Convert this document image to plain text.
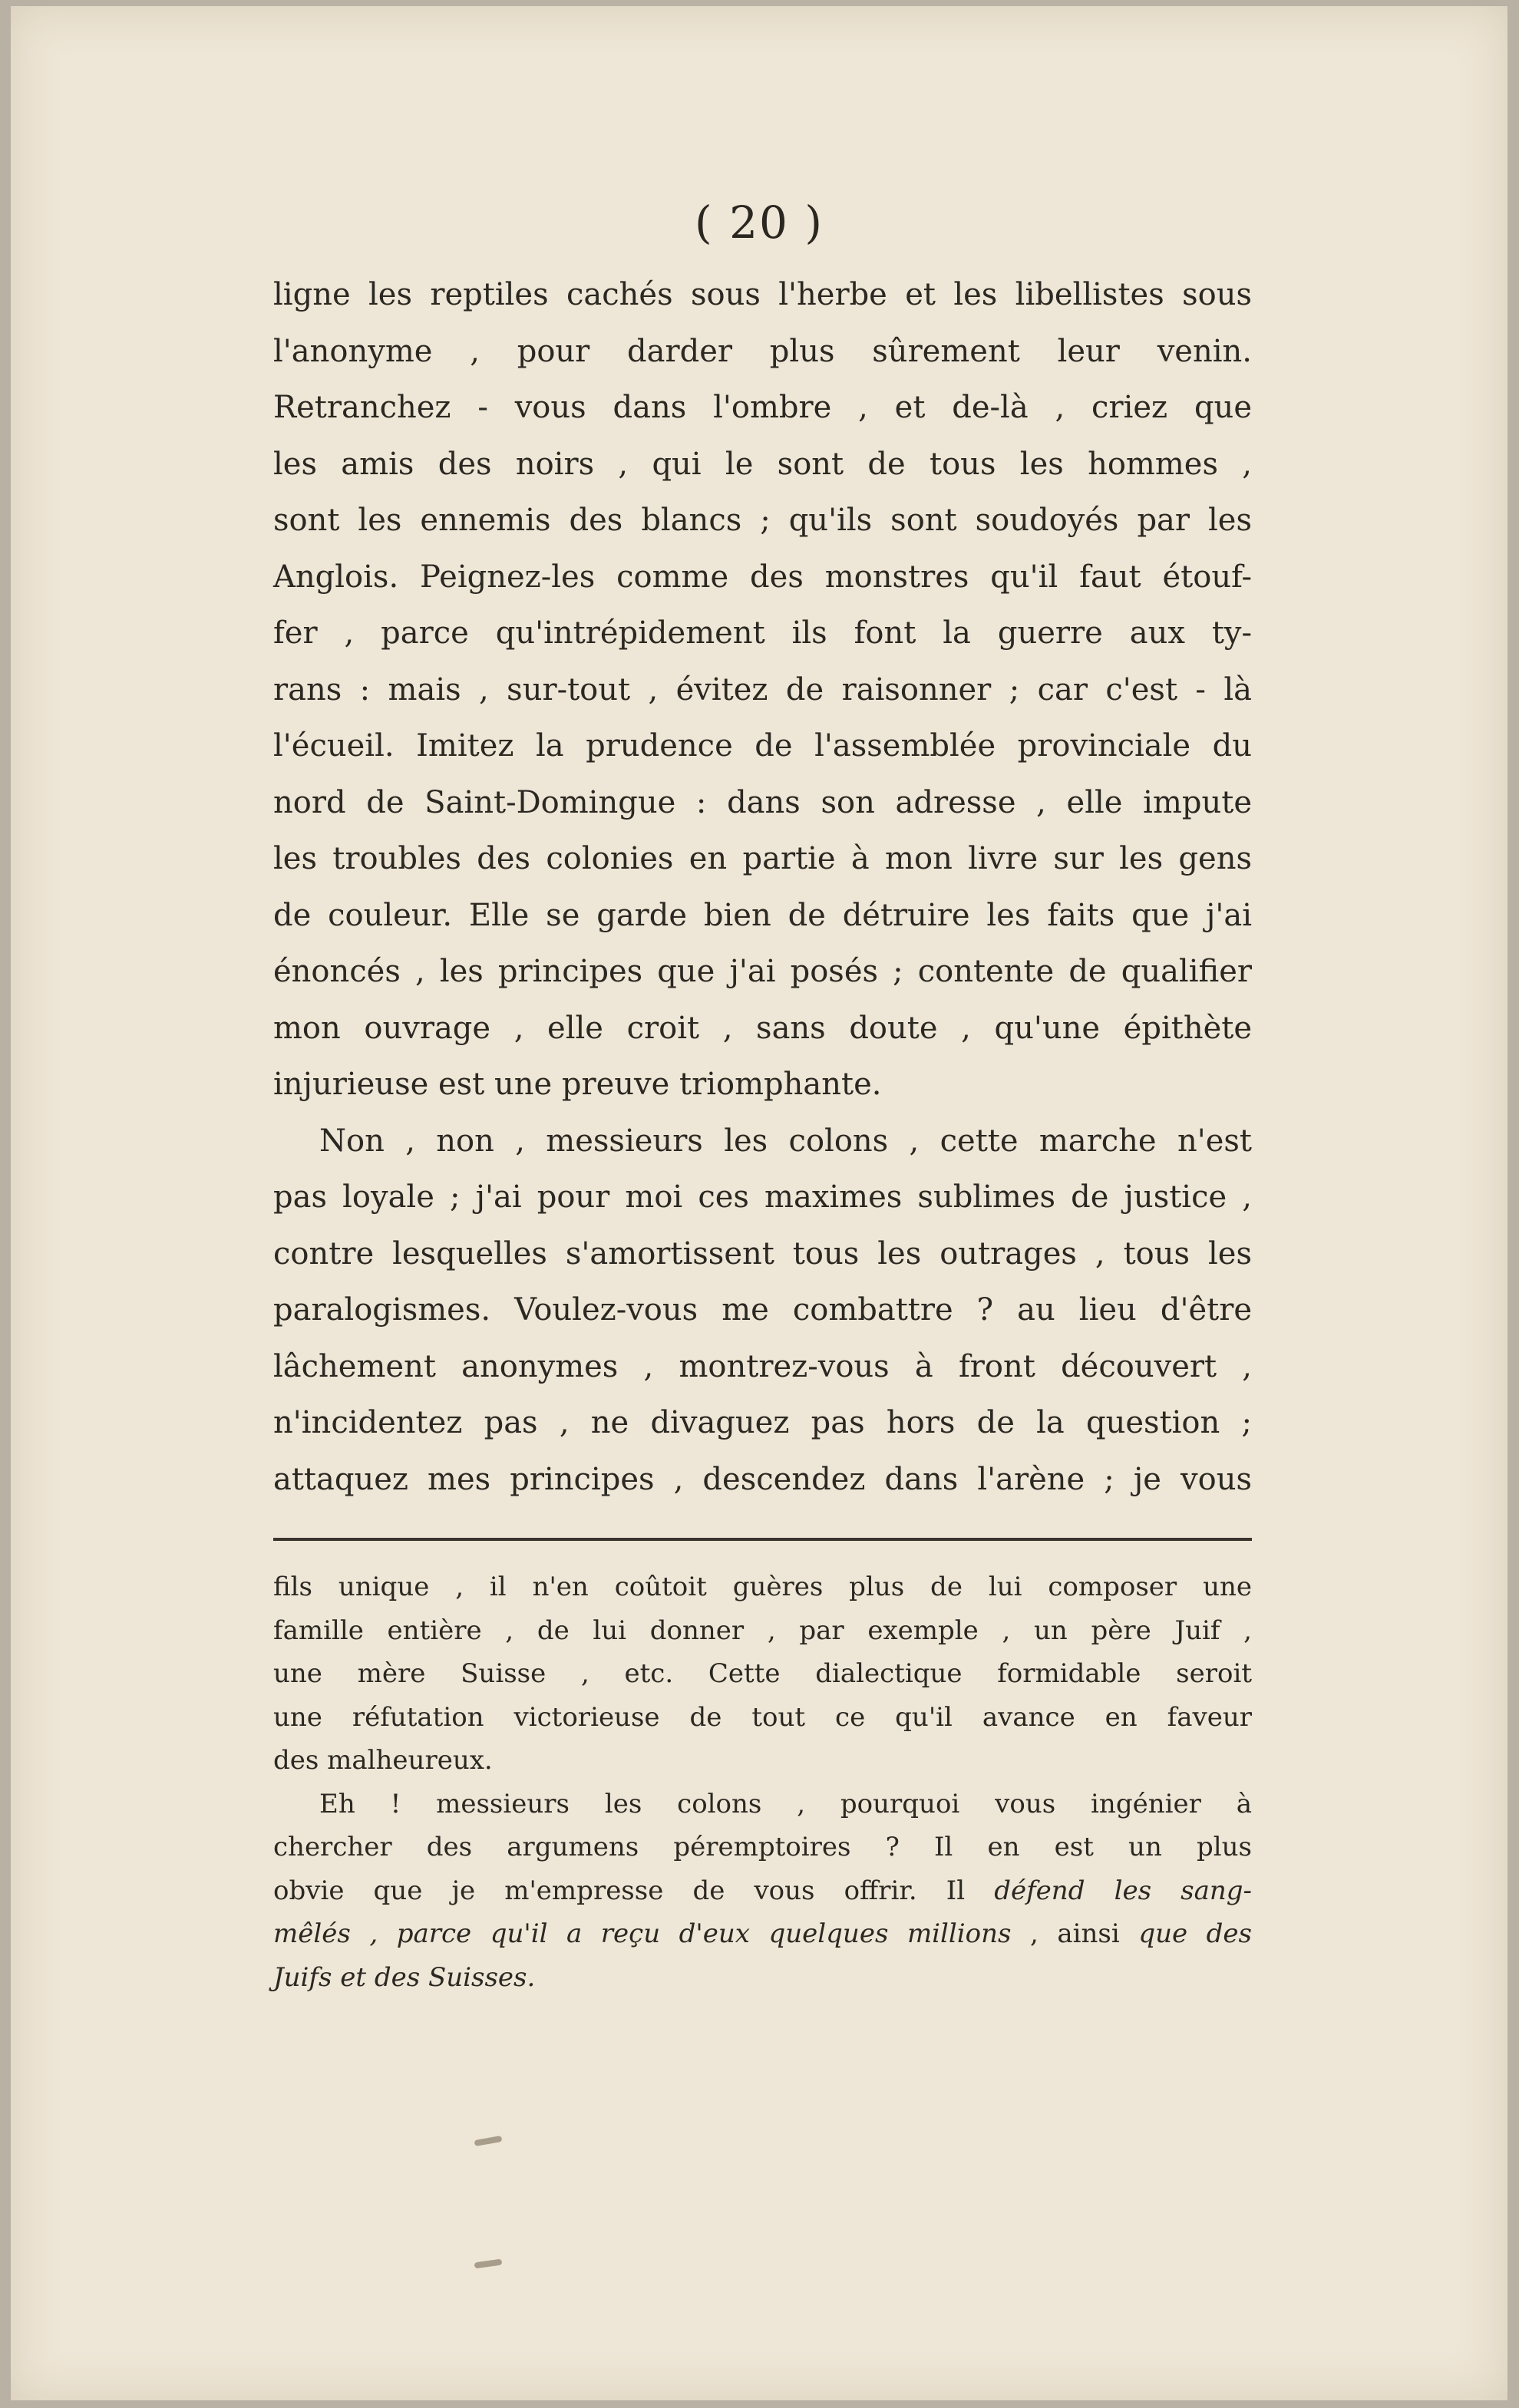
( 20 )

ligne les reptiles cachés sous l'herbe et les libellistes sous

l'anonyme , pour darder plus sûrement leur venin.

Retranchez - vous dans l'ombre , et de-là , criez que

les amis des noirs , qui le sont de tous les hommes ,

sont les ennemis des blancs ; qu'ils sont soudoyés par les

Anglois. Peignez-les comme des monstres qu'il faut étouf-

fer , parce qu'intrépidement ils font la guerre aux ty-

rans : mais , sur-tout , évitez de raisonner ; car c'est - là

l'écueil. Imitez la prudence de l'assemblée provinciale du

nord de Saint-Domingue : dans son adresse , elle impute

les troubles des colonies en partie à mon livre sur les gens

de couleur. Elle se garde bien de détruire les faits que j'ai

énoncés , les principes que j'ai posés ; contente de qualifier

mon ouvrage , elle croit , sans doute , qu'une épithète

injurieuse est une preuve triomphante.

Non , non , messieurs les colons , cette marche n'est

pas loyale ; j'ai pour moi ces maximes sublimes de justice ,

contre lesquelles s'amortissent tous les outrages , tous les

paralogismes. Voulez-vous me combattre ? au lieu d'être

lâchement anonymes , montrez-vous à front découvert ,

n'incidentez pas , ne divaguez pas hors de la question ;

attaquez mes principes , descendez dans l'arène ; je vous

fils unique , il n'en coûtoit guères plus de lui composer une

famille entière , de lui donner , par exemple , un père Juif ,

une mère Suisse , etc. Cette dialectique formidable seroit

une réfutation victorieuse de tout ce qu'il avance en faveur

des malheureux.

Eh ! messieurs les colons , pourquoi vous ingénier à

chercher des argumens péremptoires ? Il en est un plus

obvie que je m'empresse de vous offrir. Il défend les sang-

mêlés , parce qu'il a reçu d'eux quelques millions , ainsi que des

Juifs et des Suisses.
